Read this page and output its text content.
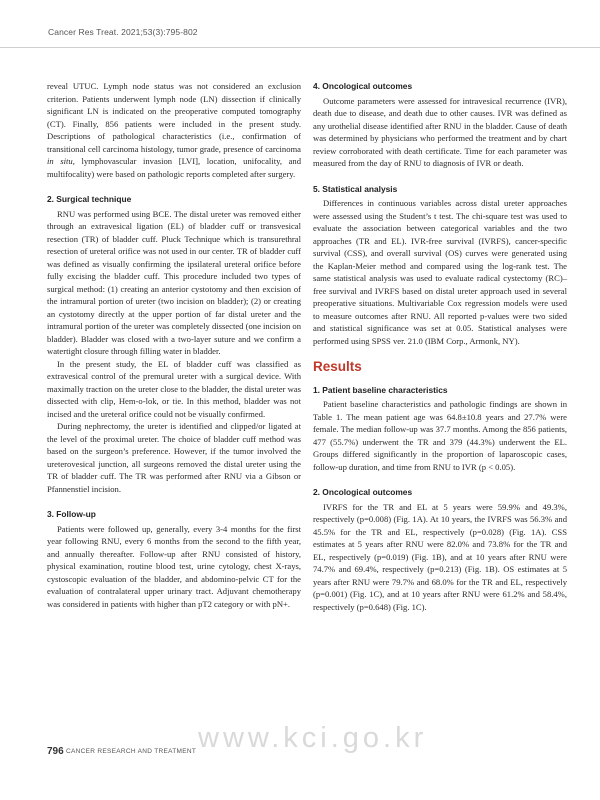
Cancer Res Treat. 2021;53(3):795-802

reveal UTUC. Lymph node status was not considered an exclusion criterion. Patients underwent lymph node (LN) dissection if clinically significant LN is indicated on the preoperative computed tomography (CT). Finally, 856 patients were included in the present study. Descriptions of pathological characteristics (i.e., confirmation of transitional cell carcinoma histology, tumor grade, presence of carcinoma in situ, lymphovascular invasion [LVI], location, unifocality, and multifocality) were based on pathologic reports completed after surgery.

2. Surgical technique

RNU was performed using BCE. The distal ureter was removed either through an extravesical ligation (EL) of bladder cuff or transvesical resection (TR) of bladder cuff. Pluck Technique which is transurethral resection of ureteral orifice was not used in our center. TR of bladder cuff was defined as visually confirming the ipsilateral ureteral orifice before fully excising the bladder cuff. This procedure included two types of surgical method: (1) creating an anterior cystotomy and then excision of the intramural portion of ureter (two incision on bladder); (2) or creating an cystotomy directly at the upper portion of far distal ureter and the intramural portion of the ureter was completely dissected (one incision on bladder). Bladder was closed with a two-layer suture and we confirm a watertight closure through filling water in bladder.

In the present study, the EL of bladder cuff was classified as extravesical control of the premural ureter with a surgical device. With maximally traction on the ureter close to the bladder, the distal ureter was dissected with clip, Hem-o-lok, or tie. In this method, bladder was not incised and the ureteral orifice could not be visually confirmed.

During nephrectomy, the ureter is identified and clipped/or ligated at the level of the proximal ureter. The choice of bladder cuff method was based on the surgeon’s preference. However, if the tumor involved the ureterovesical junction, all surgeons removed the distal ureter using the TR of bladder cuff. The TR was performed after RNU via a Gibson or Pfannenstiel incision.

3. Follow-up

Patients were followed up, generally, every 3-4 months for the first year following RNU, every 6 months from the second to the fifth year, and annually thereafter. Follow-up after RNU consisted of history, physical examination, routine blood test, urine cytology, chest X-rays, cystoscopic evaluation of the bladder, and abdomino-pelvic CT for the evaluation of contralateral upper urinary tract. Adjuvant chemotherapy was considered in patients with higher than pT2 category or with pN+.

4. Oncological outcomes

Outcome parameters were assessed for intravesical recurrence (IVR), death due to disease, and death due to other causes. IVR was defined as any urothelial disease identified after RNU in the bladder. Cause of death was determined by physicians who performed the treatment and by chart review corroborated with death certificate. Time for each parameter was measured from the day of RNU to diagnosis of IVR or death.

5. Statistical analysis

Differences in continuous variables across distal ureter approaches were assessed using the Student’s t test. The chi-square test was used to evaluate the association between categorical variables and the two approaches (TR and EL). IVR-free survival (IVRFS), cancer-specific survival (CSS), and overall survival (OS) curves were generated using the Kaplan-Meier method and compared using the log-rank test. The same statistical analysis was used to evaluate radical cystectomy (RC)–free survival and IVRFS based on distal ureter approach used in several preoperative situations. Multivariable Cox regression models were used to measure outcomes after RNU. All reported p-values were two sided and statistical significance was set at 0.05. Statistical analyses were performed using SPSS ver. 21.0 (IBM Corp., Armonk, NY).

Results
1. Patient baseline characteristics

Patient baseline characteristics and pathologic findings are shown in Table 1. The mean patient age was 64.8±10.8 years and 27.7% were female. The median follow-up was 37.7 months. Among the 856 patients, 477 (55.7%) underwent the TR and 379 (44.3%) underwent the EL. Groups differed significantly in the proportion of laparoscopic cases, follow-up duration, and time from RNU to IVR (p < 0.05).

2. Oncological outcomes

IVRFS for the TR and EL at 5 years were 59.9% and 49.3%, respectively (p=0.008) (Fig. 1A). At 10 years, the IVRFS was 56.3% and 45.5% for the TR and EL, respectively (p=0.028) (Fig. 1A). CSS estimates at 5 years after RNU were 82.0% and 73.8% for the TR and EL, respectively (p=0.019) (Fig. 1B), and at 10 years after RNU were 74.7% and 69.4%, respectively (p=0.213) (Fig. 1B). OS estimates at 5 years after RNU were 79.7% and 68.0% for the TR and EL, respectively (p=0.001) (Fig. 1C), and at 10 years after RNU were 61.2% and 58.4%, respectively (p=0.648) (Fig. 1C).

www.kci.go.kr
796 CANCER RESEARCH AND TREATMENT
